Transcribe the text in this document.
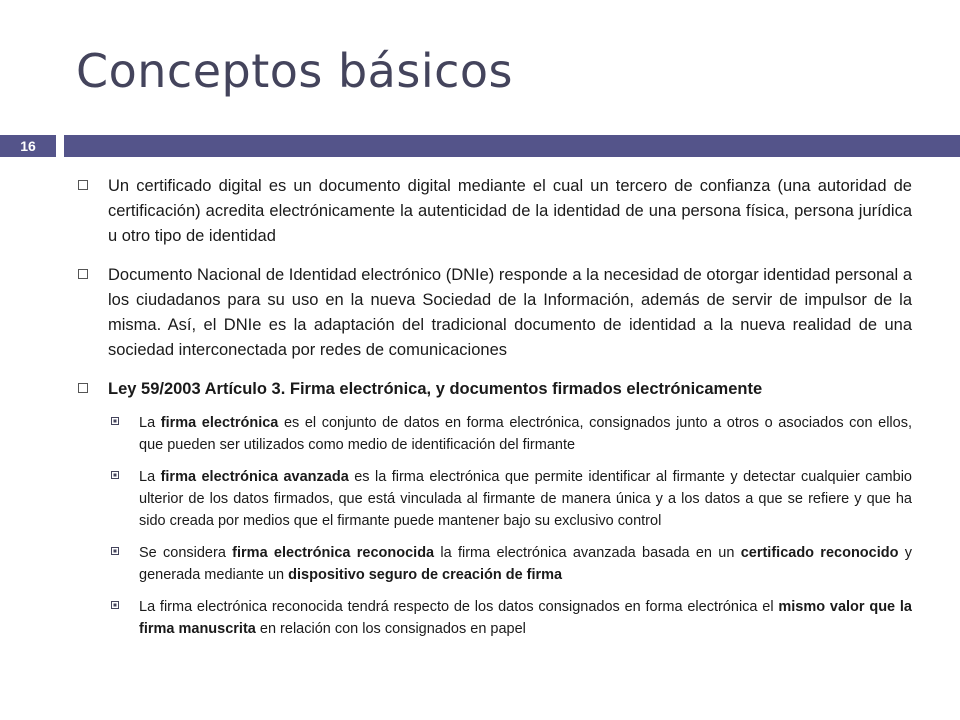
Conceptos básicos
16
Un certificado digital es un documento digital mediante el cual un tercero de confianza (una autoridad de certificación) acredita electrónicamente la autenticidad de la identidad de una persona física, persona jurídica u otro tipo de identidad
Documento Nacional de Identidad electrónico (DNIe) responde a la necesidad de otorgar identidad personal a los ciudadanos para su uso en la nueva Sociedad de la Información, además de servir de impulsor de la misma. Así, el DNIe es la adaptación del tradicional documento de identidad a la nueva realidad de una sociedad interconectada por redes de comunicaciones
Ley 59/2003 Artículo 3. Firma electrónica, y documentos firmados electrónicamente
La firma electrónica es el conjunto de datos en forma electrónica, consignados junto a otros o asociados con ellos, que pueden ser utilizados como medio de identificación del firmante
La firma electrónica avanzada es la firma electrónica que permite identificar al firmante y detectar cualquier cambio ulterior de los datos firmados, que está vinculada al firmante de manera única y a los datos a que se refiere y que ha sido creada por medios que el firmante puede mantener bajo su exclusivo control
Se considera firma electrónica reconocida la firma electrónica avanzada basada en un certificado reconocido y generada mediante un dispositivo seguro de creación de firma
La firma electrónica reconocida tendrá respecto de los datos consignados en forma electrónica el mismo valor que la firma manuscrita en relación con los consignados en papel
